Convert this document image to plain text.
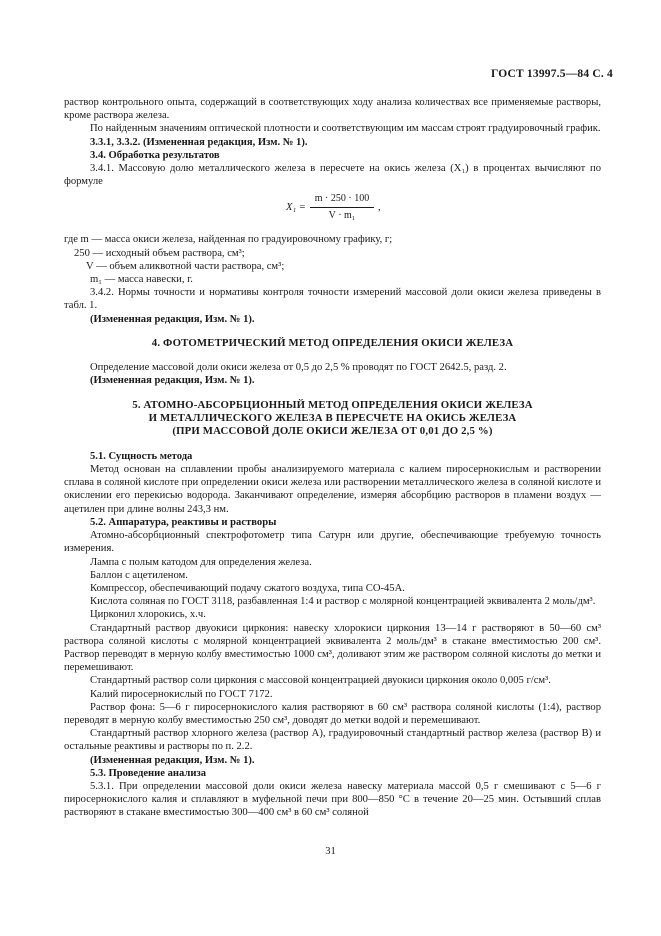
ГОСТ 13997.5—84 С. 4

раствор контрольного опыта, содержащий в соответствующих ходу анализа количествах все применяемые растворы, кроме раствора железа.

По найденным значениям оптической плотности и соответствующим им массам строят градуировочный график.

3.3.1, 3.3.2. (Измененная редакция, Изм. № 1).

3.4. Обработка результатов

3.4.1. Массовую долю металлического железа в пересчете на окись железа (X₁) в процентах вычисляют по формуле

$X_1 = \frac{m \cdot 250 \cdot 100}{\text{V · m₁}}$ ,

где m — масса окиси железа, найденная по градуировочному графику, г;

250 — исходный объем раствора, см³;

V — объем аликвотной части раствора, см³;

m₁ — масса навески, г.

3.4.2. Нормы точности и нормативы контроля точности измерений массовой доли окиси железа приведены в табл. 1.

(Измененная редакция, Изм. № 1).

4. ФОТОМЕТРИЧЕСКИЙ МЕТОД ОПРЕДЕЛЕНИЯ ОКИСИ ЖЕЛЕЗА

Определение массовой доли окиси железа от 0,5 до 2,5 % проводят по ГОСТ 2642.5, разд. 2.

(Измененная редакция, Изм. № 1).

5. АТОМНО-АБСОРБЦИОННЫЙ МЕТОД ОПРЕДЕЛЕНИЯ ОКИСИ ЖЕЛЕЗА

И МЕТАЛЛИЧЕСКОГО ЖЕЛЕЗА В ПЕРЕСЧЕТЕ НА ОКИСЬ ЖЕЛЕЗА

(ПРИ МАССОВОЙ ДОЛЕ ОКИСИ ЖЕЛЕЗА ОТ 0,01 ДО 2,5 %)

5.1. Сущность метода

Метод основан на сплавлении пробы анализируемого материала с калием пиросернокислым и растворении сплава в соляной кислоте при определении окиси железа или растворении металлического железа в соляной кислоте и окислении его перекисью водорода. Заканчивают определение, измеряя абсорбцию растворов в пламени воздух — ацетилен при длине волны 243,3 нм.

5.2. Аппаратура, реактивы и растворы

Атомно-абсорбционный спектрофотометр типа Сатурн или другие, обеспечивающие требуемую точность измерения.

Лампа с полым катодом для определения железа.

Баллон с ацетиленом.

Компрессор, обеспечивающий подачу сжатого воздуха, типа СО-45А.

Кислота соляная по ГОСТ 3118, разбавленная 1:4 и раствор с молярной концентрацией эквивалента 2 моль/дм³.

Цирконил хлорокись, х.ч.

Стандартный раствор двуокиси циркония: навеску хлорокиси циркония 13—14 г растворяют в 50—60 см³ раствора соляной кислоты с молярной концентрацией эквивалента 2 моль/дм³ в стакане вместимостью 200 см³. Раствор переводят в мерную колбу вместимостью 1000 см³, доливают этим же раствором соляной кислоты до метки и перемешивают.

Стандартный раствор соли циркония с массовой концентрацией двуокиси циркония около 0,005 г/см³.

Калий пиросернокислый по ГОСТ 7172.

Раствор фона: 5—6 г пиросернокислого калия растворяют в 60 см³ раствора соляной кислоты (1:4), раствор переводят в мерную колбу вместимостью 250 см³, доводят до метки водой и перемешивают.

Стандартный раствор хлорного железа (раствор А), градуировочный стандартный раствор железа (раствор В) и остальные реактивы и растворы по п. 2.2.

(Измененная редакция, Изм. № 1).

5.3. Проведение анализа

5.3.1. При определении массовой доли окиси железа навеску материала массой 0,5 г смешивают с 5—6 г пиросернокислого калия и сплавляют в муфельной печи при 800—850 °С в течение 20—25 мин. Остывший сплав растворяют в стакане вместимостью 300—400 см³ в 60 см³ соляной

31
